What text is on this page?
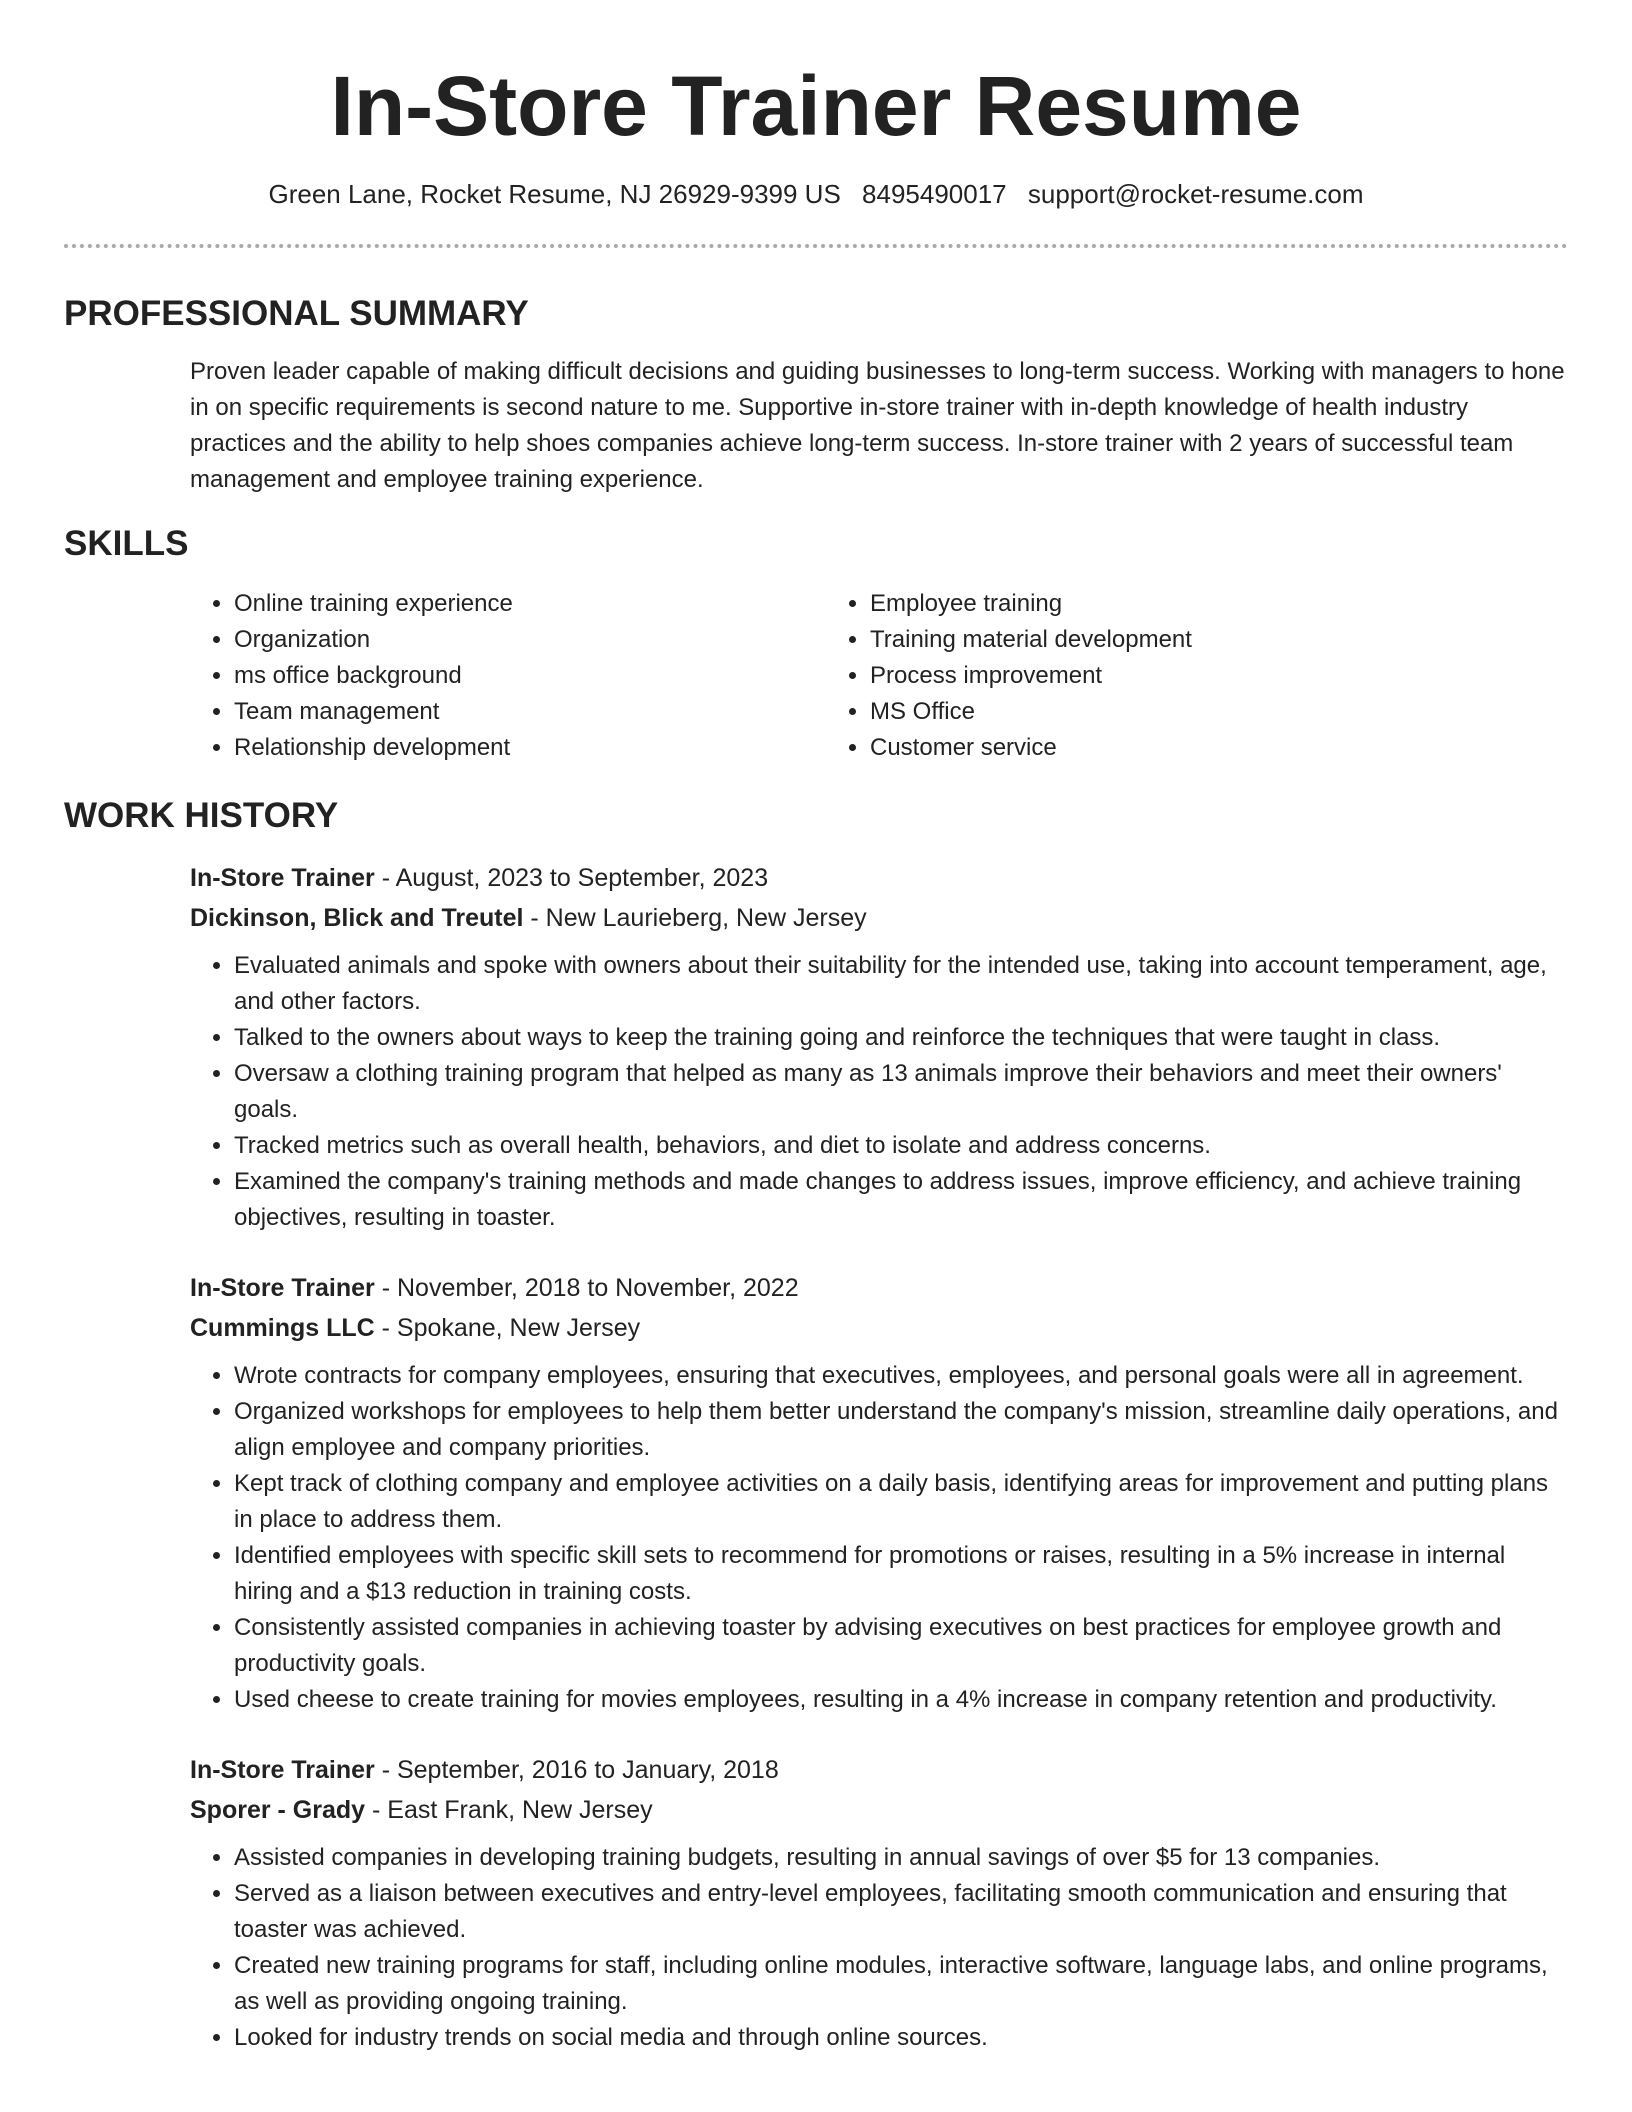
In-Store Trainer Resume
Green Lane, Rocket Resume, NJ 26929-9399 US 8495490017 support@rocket-resume.com
PROFESSIONAL SUMMARY

Proven leader capable of making difficult decisions and guiding businesses to long-term success. Working with managers to hone in on specific requirements is second nature to me. Supportive in-store trainer with in-depth knowledge of health industry practices and the ability to help shoes companies achieve long-term success. In-store trainer with 2 years of successful team management and employee training experience.

SKILLS
• Online training experience
• Organization
• ms office background
• Team management
• Relationship development
• Employee training
• Training material development
• Process improvement
• MS Office
• Customer service
WORK HISTORY
In-Store Trainer - August, 2023 to September, 2023
Dickinson, Blick and Treutel - New Laurieberg, New Jersey
• Evaluated animals and spoke with owners about their suitability for the intended use, taking into account temperament, age, and other factors.
• Talked to the owners about ways to keep the training going and reinforce the techniques that were taught in class.
• Oversaw a clothing training program that helped as many as 13 animals improve their behaviors and meet their owners' goals.
• Tracked metrics such as overall health, behaviors, and diet to isolate and address concerns.
• Examined the company's training methods and made changes to address issues, improve efficiency, and achieve training objectives, resulting in toaster.
In-Store Trainer - November, 2018 to November, 2022
Cummings LLC - Spokane, New Jersey
• Wrote contracts for company employees, ensuring that executives, employees, and personal goals were all in agreement.
• Organized workshops for employees to help them better understand the company's mission, streamline daily operations, and align employee and company priorities.
• Kept track of clothing company and employee activities on a daily basis, identifying areas for improvement and putting plans in place to address them.
• Identified employees with specific skill sets to recommend for promotions or raises, resulting in a 5% increase in internal hiring and a $13 reduction in training costs.
• Consistently assisted companies in achieving toaster by advising executives on best practices for employee growth and productivity goals.
• Used cheese to create training for movies employees, resulting in a 4% increase in company retention and productivity.
In-Store Trainer - September, 2016 to January, 2018
Sporer - Grady - East Frank, New Jersey
• Assisted companies in developing training budgets, resulting in annual savings of over $5 for 13 companies.
• Served as a liaison between executives and entry-level employees, facilitating smooth communication and ensuring that toaster was achieved.
• Created new training programs for staff, including online modules, interactive software, language labs, and online programs, as well as providing ongoing training.
• Looked for industry trends on social media and through online sources.
